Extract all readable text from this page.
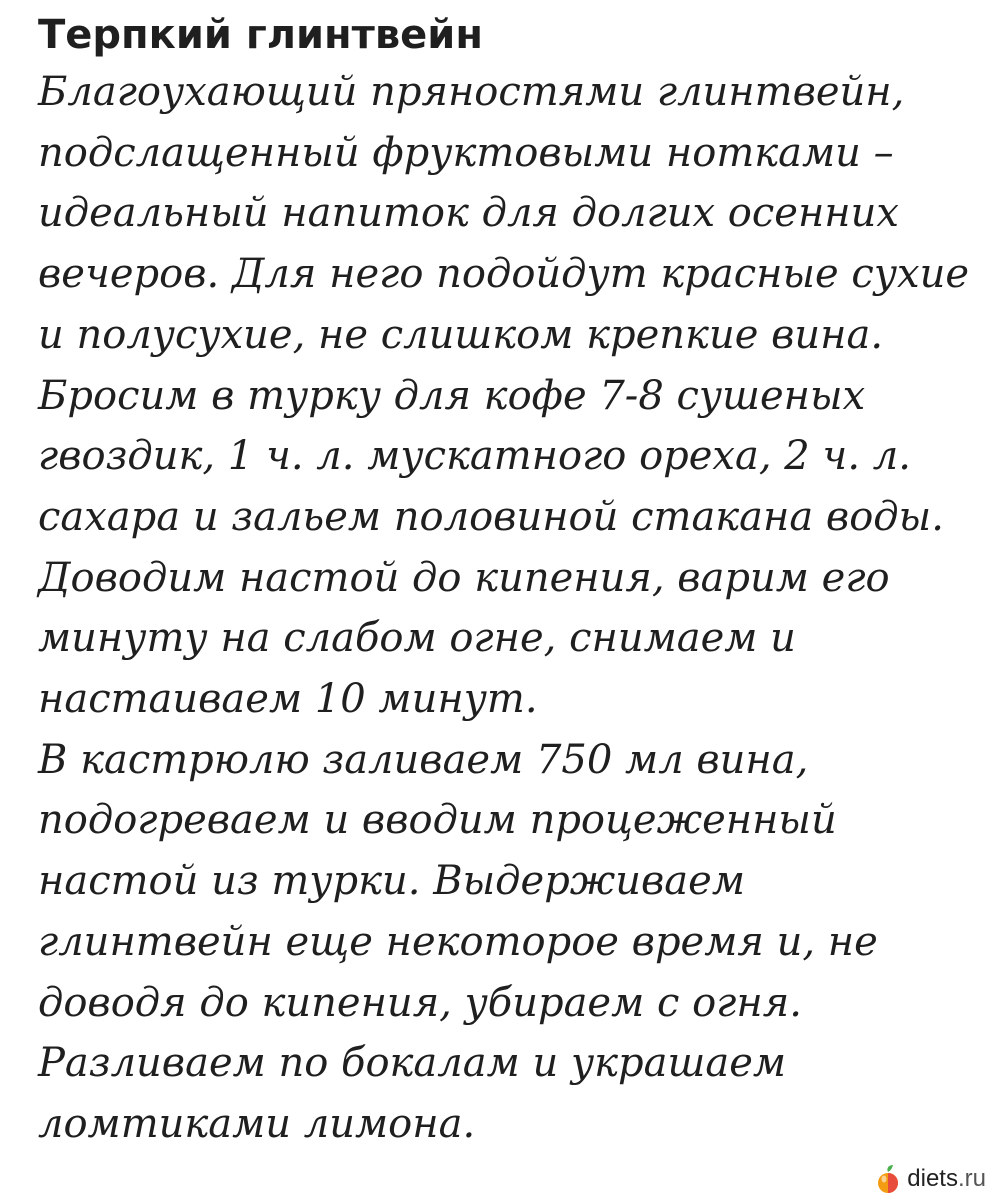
Терпкий глинтвейн
Благоухающий пряностями глинтвейн,
подслащенный фруктовыми нотками –
идеальный напиток для долгих осенних
вечеров. Для него подойдут красные сухие
и полусухие, не слишком крепкие вина.
Бросим в турку для кофе 7-8 сушеных
гвоздик, 1 ч. л. мускатного ореха, 2 ч. л.
сахара и зальем половиной стакана воды.
Доводим настой до кипения, варим его
минуту на слабом огне, снимаем и
настаиваем 10 минут.
В кастрюлю заливаем 750 мл вина,
подогреваем и вводим процеженный
настой из турки. Выдерживаем
глинтвейн еще некоторое время и, не
доводя до кипения, убираем с огня.
Разливаем по бокалам и украшаем
ломтиками лимона.
diets.ru
